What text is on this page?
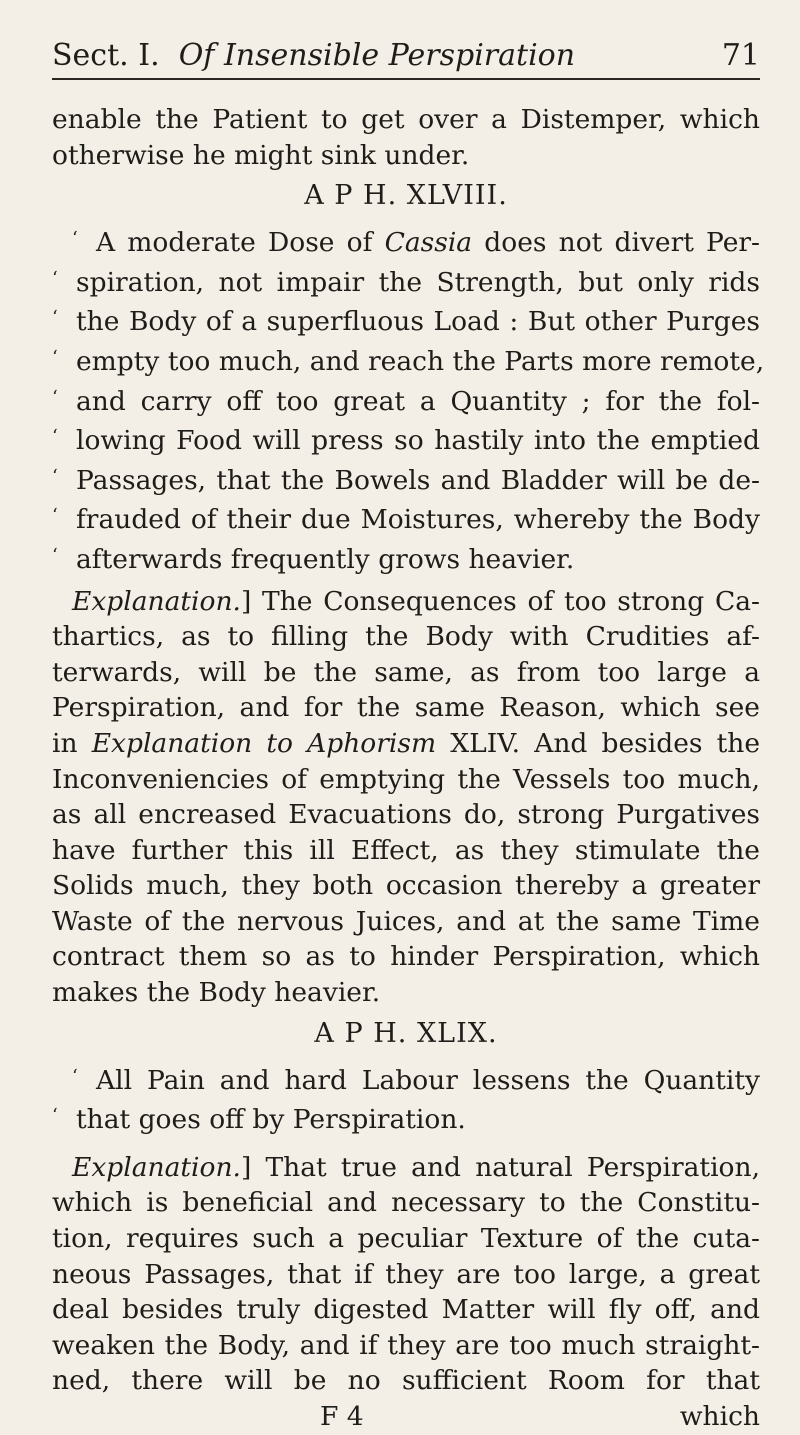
Sect. I. Of Insensible Perspiration	71
enable the Patient to get over a Distemper, which
otherwise he might sink under.
A P H. XLVIII.
‘ A moderate Dose of Cassia does not divert Per-
‘ spiration, not impair the Strength, but only rids
‘ the Body of a superfluous Load : But other Purges
‘ empty too much, and reach the Parts more remote,
‘ and carry off too great a Quantity ; for the fol-
‘ lowing Food will press so hastily into the emptied
‘ Passages, that the Bowels and Bladder will be de-
‘ frauded of their due Moistures, whereby the Body
‘ afterwards frequently grows heavier.
Explanation.] The Consequences of too strong Ca-
thartics, as to filling the Body with Crudities af-
terwards, will be the same, as from too large a
Perspiration, and for the same Reason, which see
in Explanation to Aphorism XLIV. And besides the
Inconveniencies of emptying the Vessels too much,
as all encreased Evacuations do, strong Purgatives
have further this ill Effect, as they stimulate the
Solids much, they both occasion thereby a greater
Waste of the nervous Juices, and at the same Time
contract them so as to hinder Perspiration, which
makes the Body heavier.
A P H. XLIX.
‘ All Pain and hard Labour lessens the Quantity
‘ that goes off by Perspiration.
Explanation.] That true and natural Perspiration,
which is beneficial and necessary to the Constitu-
tion, requires such a peculiar Texture of the cuta-
neous Passages, that if they are too large, a great
deal besides truly digested Matter will fly off, and
weaken the Body, and if they are too much straight-
ned, there will be no sufficient Room for that
F 4	which
